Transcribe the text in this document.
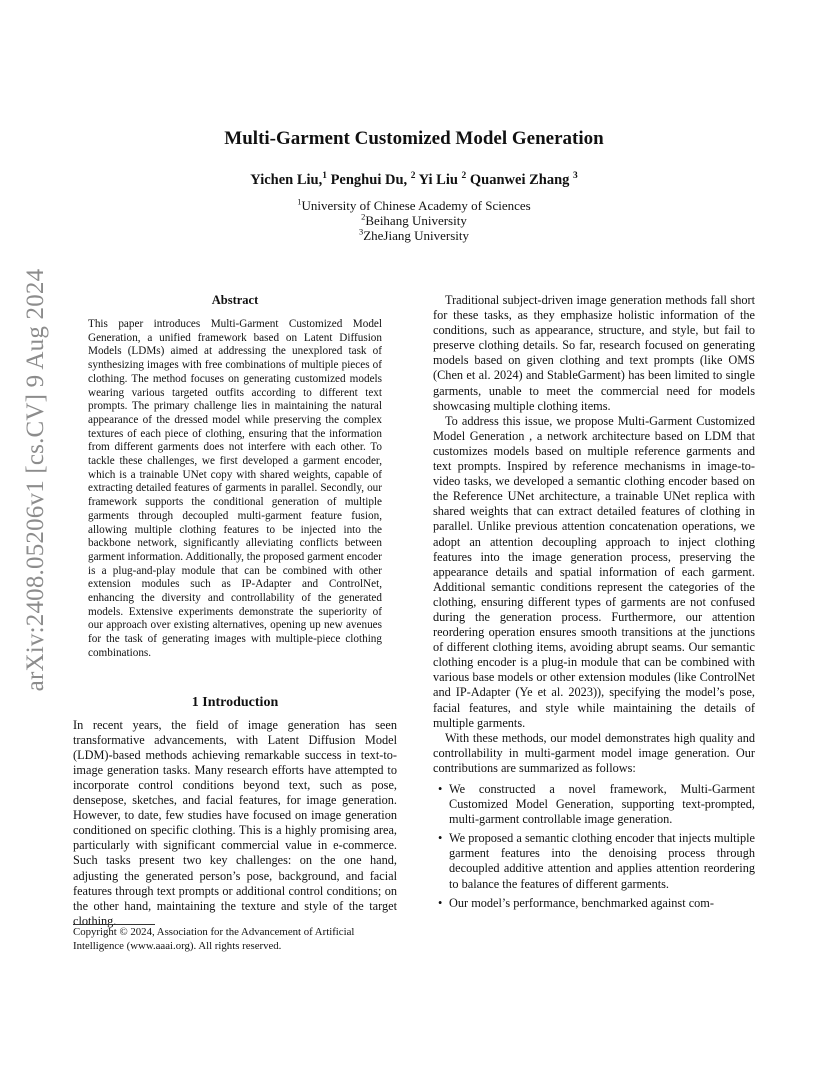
arXiv:2408.05206v1 [cs.CV] 9 Aug 2024
Multi-Garment Customized Model Generation
Yichen Liu,$^1$ Penghui Du, $^2$ Yi Liu $^2$ Quanwei Zhang $^3$
$^1$University of Chinese Academy of Sciences
$^2$Beihang University
$^3$ZheJiang University
Abstract

This paper introduces Multi-Garment Customized Model Generation, a unified framework based on Latent Diffusion Models (LDMs) aimed at addressing the unexplored task of synthesizing images with free combinations of multiple pieces of clothing. The method focuses on generating customized models wearing various targeted outfits according to different text prompts. The primary challenge lies in maintaining the natural appearance of the dressed model while preserving the complex textures of each piece of clothing, ensuring that the information from different garments does not interfere with each other. To tackle these challenges, we first developed a garment encoder, which is a trainable UNet copy with shared weights, capable of extracting detailed features of garments in parallel. Secondly, our framework supports the conditional generation of multiple garments through decoupled multi-garment feature fusion, allowing multiple clothing features to be injected into the backbone network, significantly alleviating conflicts between garment information. Additionally, the proposed garment encoder is a plug-and-play module that can be combined with other extension modules such as IP-Adapter and ControlNet, enhancing the diversity and controllability of the generated models. Extensive experiments demonstrate the superiority of our approach over existing alternatives, opening up new avenues for the task of generating images with multiple-piece clothing combinations.

1 Introduction

In recent years, the field of image generation has seen transformative advancements, with Latent Diffusion Model (LDM)-based methods achieving remarkable success in text-to-image generation tasks. Many research efforts have attempted to incorporate control conditions beyond text, such as pose, densepose, sketches, and facial features, for image generation. However, to date, few studies have focused on image generation conditioned on specific clothing. This is a highly promising area, particularly with significant commercial value in e-commerce. Such tasks present two key challenges: on the one hand, adjusting the generated person’s pose, background, and facial features through text prompts or additional control conditions; on the other hand, maintaining the texture and style of the target clothing.

Copyright © 2024, Association for the Advancement of Artificial Intelligence (www.aaai.org). All rights reserved.

Traditional subject-driven image generation methods fall short for these tasks, as they emphasize holistic information of the conditions, such as appearance, structure, and style, but fail to preserve clothing details. So far, research focused on generating models based on given clothing and text prompts (like OMS (Chen et al. 2024) and StableGarment) has been limited to single garments, unable to meet the commercial need for models showcasing multiple clothing items.

To address this issue, we propose Multi-Garment Customized Model Generation , a network architecture based on LDM that customizes models based on multiple reference garments and text prompts. Inspired by reference mechanisms in image-to-video tasks, we developed a semantic clothing encoder based on the Reference UNet architecture, a trainable UNet replica with shared weights that can extract detailed features of clothing in parallel. Unlike previous attention concatenation operations, we adopt an attention decoupling approach to inject clothing features into the image generation process, preserving the appearance details and spatial information of each garment. Additional semantic conditions represent the categories of the clothing, ensuring different types of garments are not confused during the generation process. Furthermore, our attention reordering operation ensures smooth transitions at the junctions of different clothing items, avoiding abrupt seams. Our semantic clothing encoder is a plug-in module that can be combined with various base models or other extension modules (like ControlNet and IP-Adapter (Ye et al. 2023)), specifying the model’s pose, facial features, and style while maintaining the details of multiple garments.

With these methods, our model demonstrates high quality and controllability in multi-garment model image generation. Our contributions are summarized as follows:

• We constructed a novel framework, Multi-Garment Customized Model Generation, supporting text-prompted, multi-garment controllable image generation.
• We proposed a semantic clothing encoder that injects multiple garment features into the denoising process through decoupled additive attention and applies attention reordering to balance the features of different garments.
• Our model’s performance, benchmarked against com-
